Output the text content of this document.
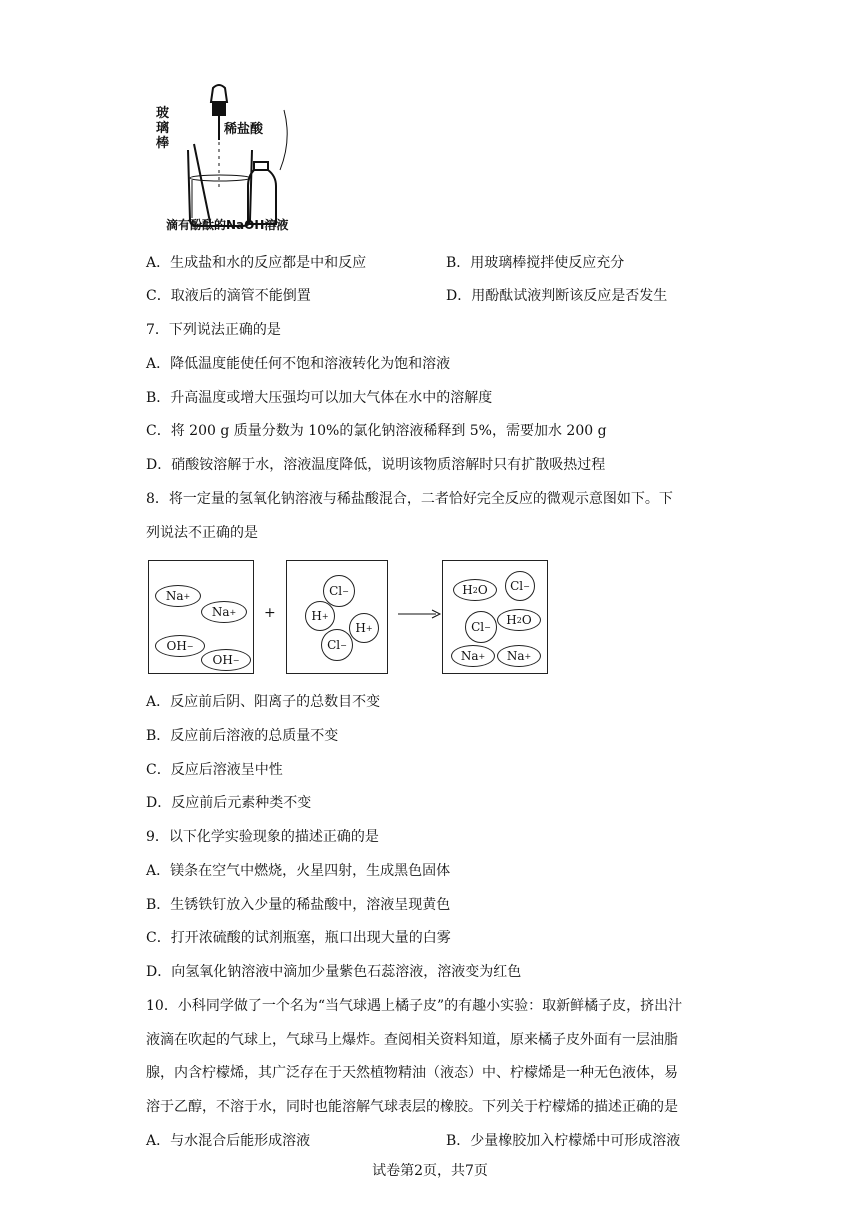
玻
璃
棒
稀盐酸
滴有酚酞的NaOH溶液
A．生成盐和水的反应都是中和反应	B．用玻璃棒搅拌使反应充分
C．取液后的滴管不能倒置	D．用酚酞试液判断该反应是否发生
7．下列说法正确的是
A．降低温度能使任何不饱和溶液转化为饱和溶液
B．升高温度或增大压强均可以加大气体在水中的溶解度
C．将 200 g 质量分数为 10%的氯化钠溶液稀释到 5%，需要加水 200 g
D．硝酸铵溶解于水，溶液温度降低，说明该物质溶解时只有扩散吸热过程
8．将一定量的氢氧化钠溶液与稀盐酸混合，二者恰好完全反应的微观示意图如下。下
列说法不正确的是
Na +
Na +
OH −
OH −
+
Cl −
H +
H +
Cl −
H 2 O	Cl −
Cl −	H 2 O
Na +	Na +
A．反应前后阴、阳离子的总数目不变
B．反应前后溶液的总质量不变
C．反应后溶液呈中性
D．反应前后元素种类不变
9．以下化学实验现象的描述正确的是
A．镁条在空气中燃烧，火星四射，生成黑色固体
B．生锈铁钉放入少量的稀盐酸中，溶液呈现黄色
C．打开浓硫酸的试剂瓶塞，瓶口出现大量的白雾
D．向氢氧化钠溶液中滴加少量紫色石蕊溶液，溶液变为红色
10．小科同学做了一个名为“当气球遇上橘子皮”的有趣小实验：取新鲜橘子皮，挤出汁
液滴在吹起的气球上，气球马上爆炸。查阅相关资料知道，原来橘子皮外面有一层油脂
腺，内含柠檬烯，其广泛存在于天然植物精油（液态）中、柠檬烯是一种无色液体，易
溶于乙醇，不溶于水，同时也能溶解气球表层的橡胶。下列关于柠檬烯的描述正确的是
A．与水混合后能形成溶液	B．少量橡胶加入柠檬烯中可形成溶液
试卷第2页，共7页
